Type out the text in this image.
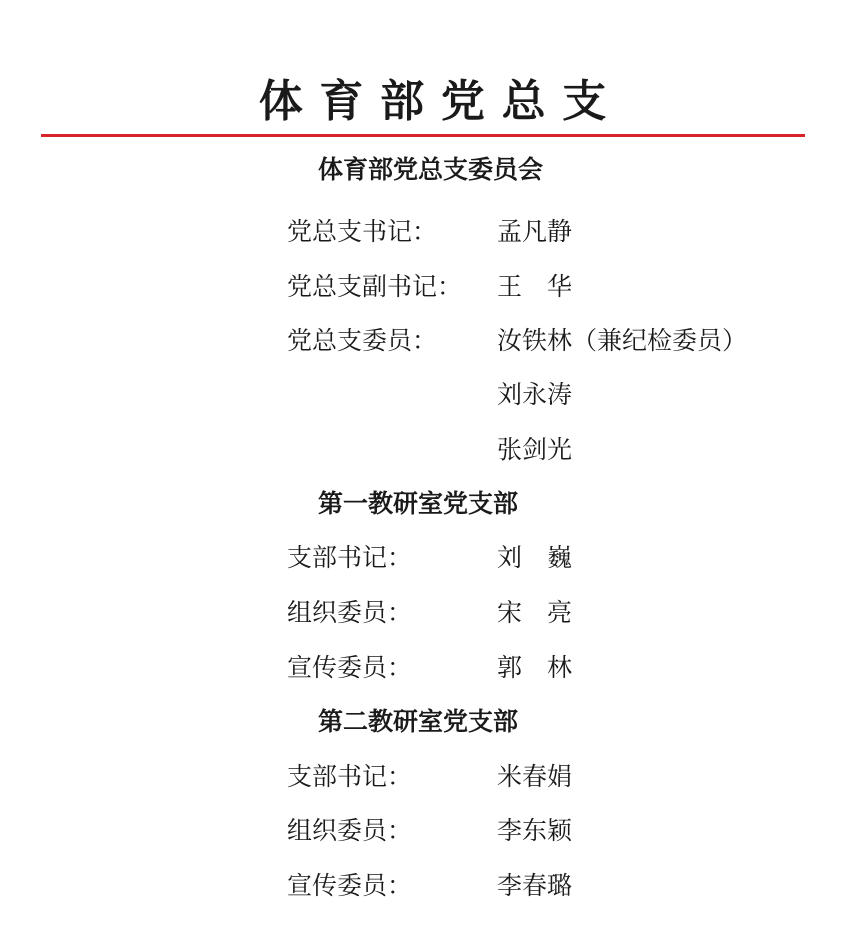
体育部党总支
体育部党总支委员会
党总支书记： 孟凡静
党总支副书记： 王　华
党总支委员： 汝铁林（兼纪检委员）
刘永涛
张剑光
第一教研室党支部
支部书记：	刘　巍
组织委员：	宋　亮
宣传委员：	郭　林
第二教研室党支部
支部书记：	米春娟
组织委员：	李东颖
宣传委员：	李春璐
